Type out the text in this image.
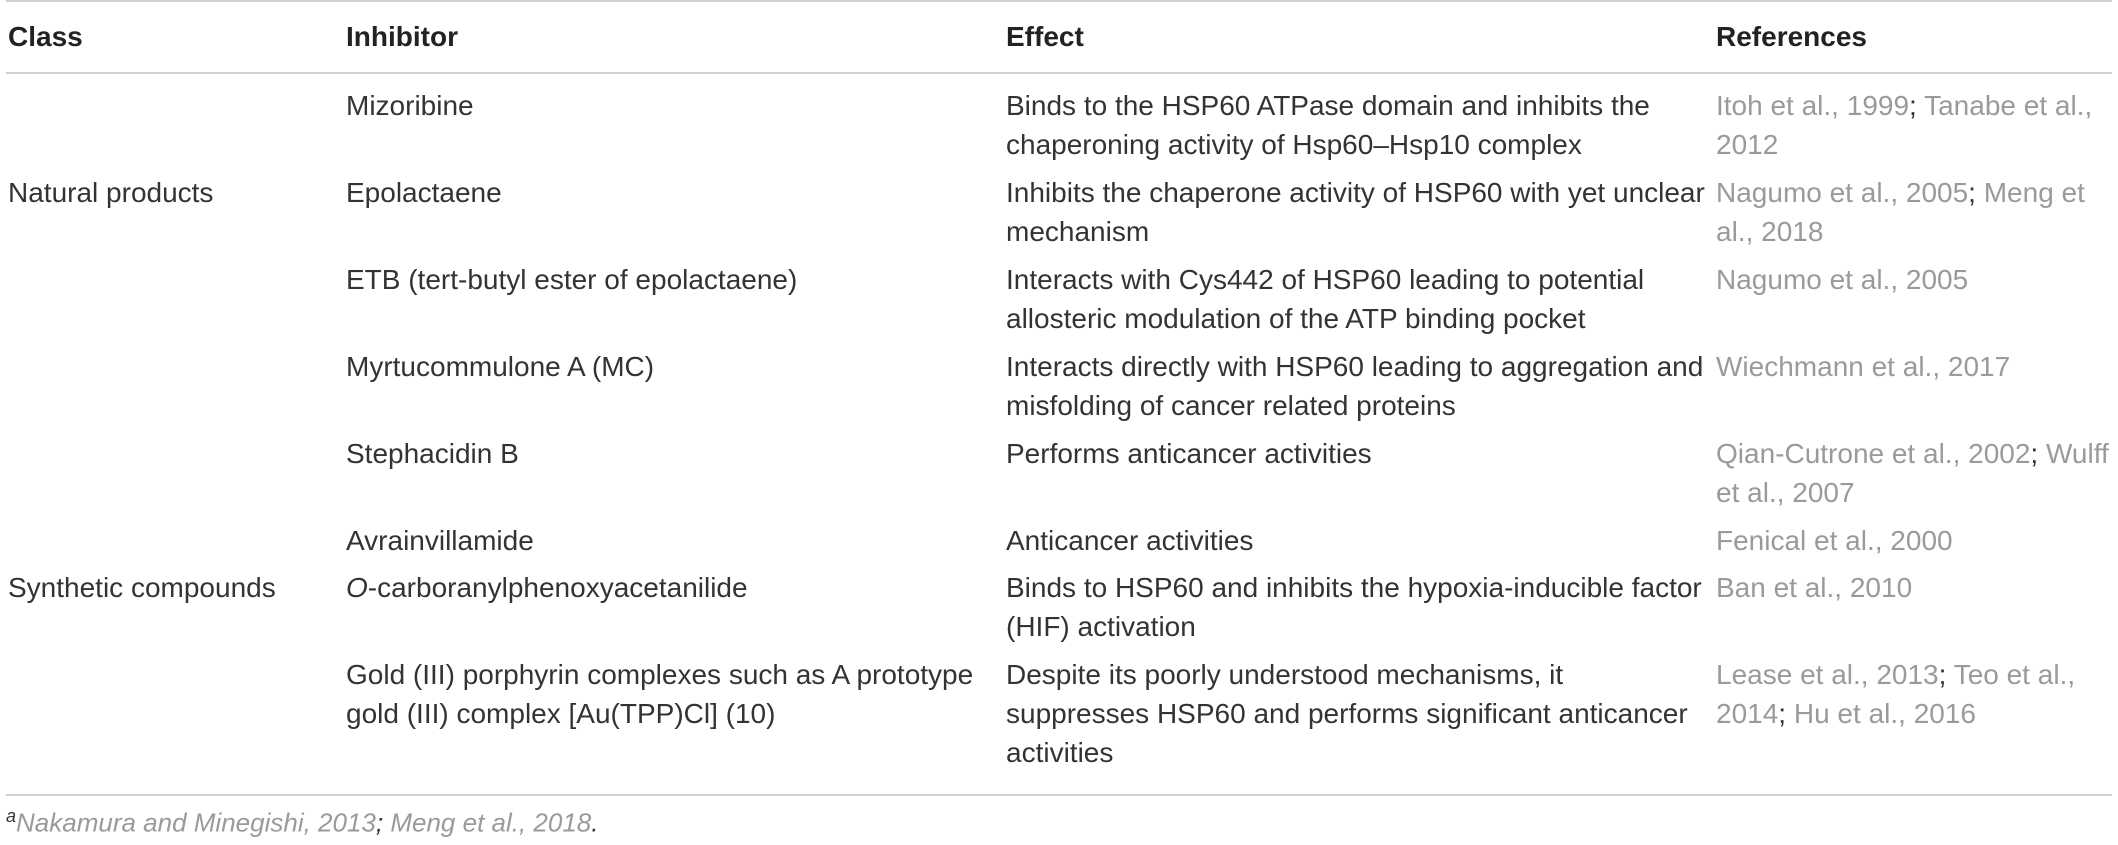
Class	Inhibitor	Effect	References

	Mizoribine	Binds to the HSP60 ATPase domain and inhibits the chaperoning activity of Hsp60–Hsp10 complex	Itoh et al., 1999; Tanabe et al., 2012
Natural products	Epolactaene	Inhibits the chaperone activity of HSP60 with yet unclear mechanism	Nagumo et al., 2005; Meng et al., 2018
	ETB (tert-butyl ester of epolactaene)	Interacts with Cys442 of HSP60 leading to potential allosteric modulation of the ATP binding pocket	Nagumo et al., 2005
	Myrtucommulone A (MC)	Interacts directly with HSP60 leading to aggregation and misfolding of cancer related proteins	Wiechmann et al., 2017
	Stephacidin B	Performs anticancer activities	Qian-Cutrone et al., 2002; Wulff et al., 2007
	Avrainvillamide	Anticancer activities	Fenical et al., 2000
Synthetic compounds	O-carboranylphenoxyacetanilide	Binds to HSP60 and inhibits the hypoxia-inducible factor (HIF) activation	Ban et al., 2010
	Gold (III) porphyrin complexes such as A prototype gold (III) complex [Au(TPP)Cl] (10)	Despite its poorly understood mechanisms, it suppresses HSP60 and performs significant anticancer activities	Lease et al., 2013; Teo et al., 2014; Hu et al., 2016
$^a$Nakamura and Minegishi, 2013; Meng et al., 2018.
